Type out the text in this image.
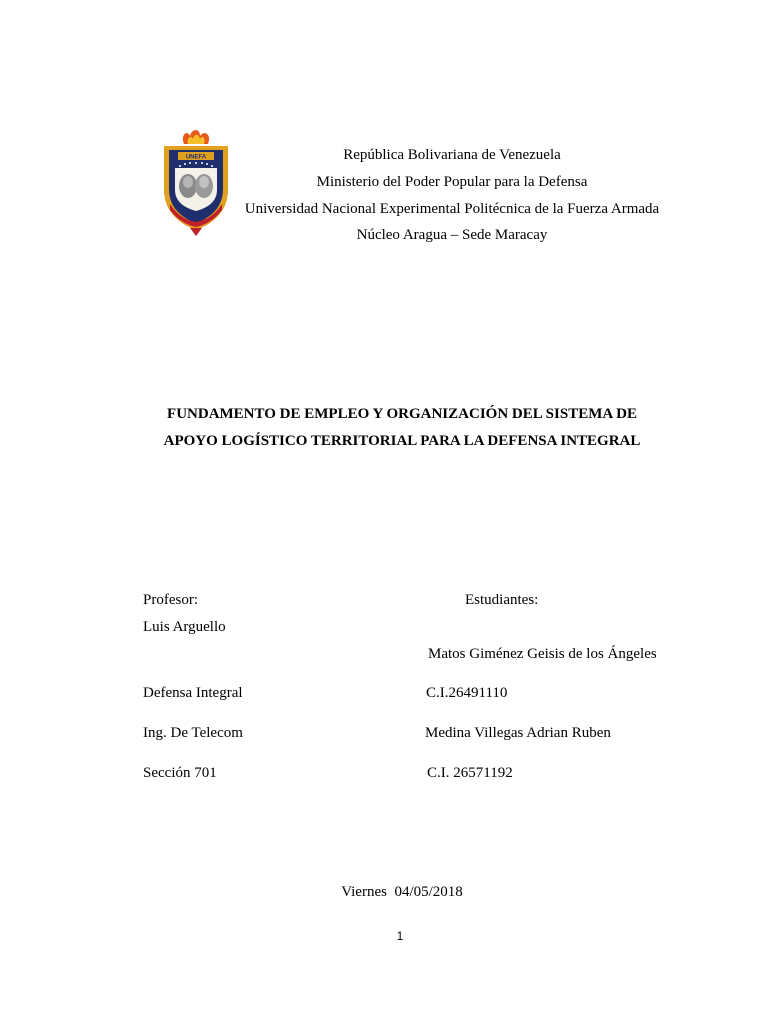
UNEFA	República Bolivariana de Venezuela
Ministerio del Poder Popular para la Defensa
Universidad Nacional Experimental Politécnica de la Fuerza Armada
Núcleo Aragua – Sede Maracay
FUNDAMENTO DE EMPLEO Y ORGANIZACIÓN DEL SISTEMA DE
APOYO LOGÍSTICO TERRITORIAL PARA LA DEFENSA INTEGRAL
Profesor:
Luis Arguello
Defensa Integral
Ing. De Telecom
Sección 701
Estudiantes:
Matos Giménez Geisis de los Ángeles
C.I.26491110
Medina Villegas Adrian Ruben
C.I. 26571192
Viernes  04/05/2018
1
